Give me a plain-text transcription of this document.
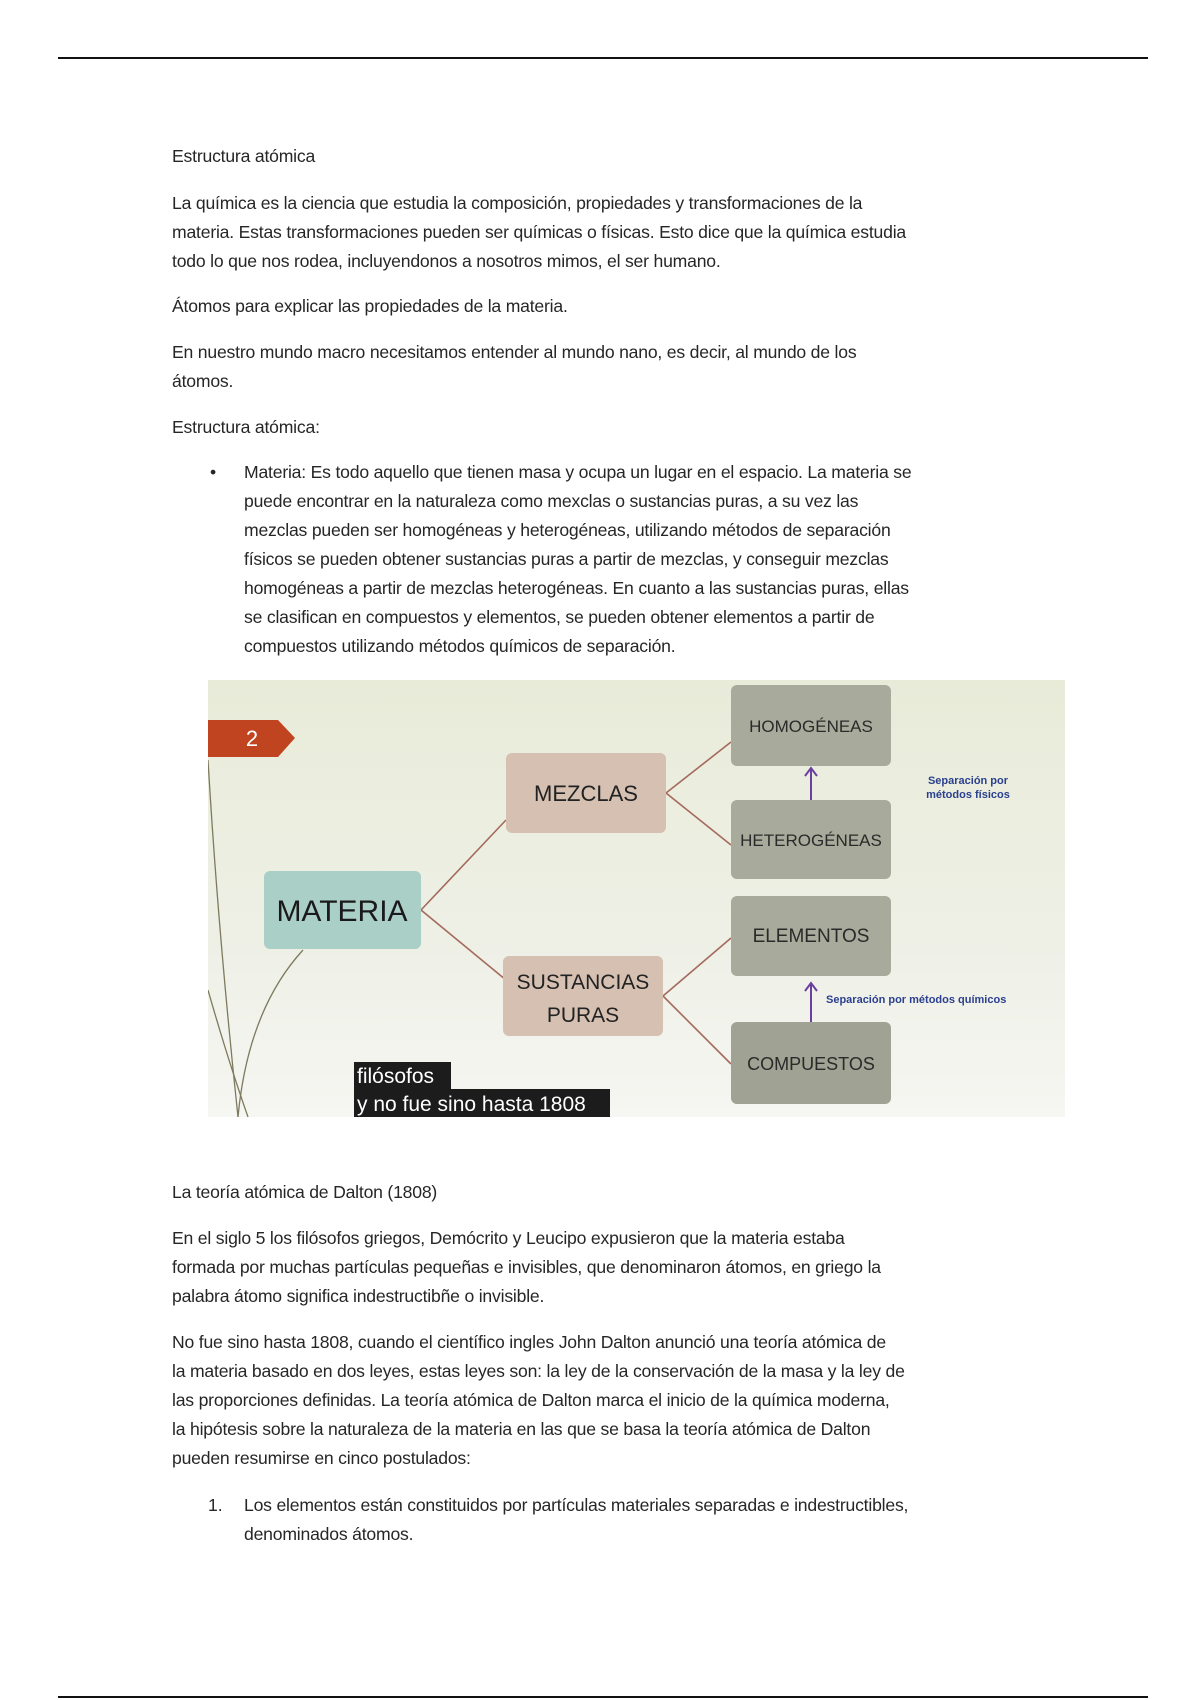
Estructura atómica
La química es la ciencia que estudia la composición, propiedades y transformaciones de la
materia. Estas transformaciones pueden ser químicas o físicas. Esto dice que la química estudia
todo lo que nos rodea, incluyendonos a nosotros mimos, el ser humano.
Átomos para explicar las propiedades de la materia.
En nuestro mundo macro necesitamos entender al mundo nano, es decir, al mundo de los
átomos.
Estructura atómica:
• Materia: Es todo aquello que tienen masa y ocupa un lugar en el espacio. La materia se
puede encontrar en la naturaleza como mexclas o sustancias puras, a su vez las
mezclas pueden ser homogéneas y heterogéneas, utilizando métodos de separación
físicos se pueden obtener sustancias puras a partir de mezclas, y conseguir mezclas
homogéneas a partir de mezclas heterogéneas. En cuanto a las sustancias puras, ellas
se clasifican en compuestos y elementos, se pueden obtener elementos a partir de
compuestos utilizando métodos químicos de separación.
2
MATERIA
MEZCLAS
SUSTANCIAS
PURAS
HOMOGÉNEAS
HETEROGÉNEAS
ELEMENTOS
COMPUESTOS
Separación por
métodos físicos
Separación por métodos químicos
filósofos
y no fue sino hasta 1808
La teoría atómica de Dalton (1808)
En el siglo 5 los filósofos griegos, Demócrito y Leucipo expusieron que la materia estaba
formada por muchas partículas pequeñas e invisibles, que denominaron átomos, en griego la
palabra átomo significa indestructibñe o invisible.
No fue sino hasta 1808, cuando el científico ingles John Dalton anunció una teoría atómica de
la materia basado en dos leyes, estas leyes son: la ley de la conservación de la masa y la ley de
las proporciones definidas. La teoría atómica de Dalton marca el inicio de la química moderna,
la hipótesis sobre la naturaleza de la materia en las que se basa la teoría atómica de Dalton
pueden resumirse en cinco postulados:
1. Los elementos están constituidos por partículas materiales separadas e indestructibles,
denominados átomos.
